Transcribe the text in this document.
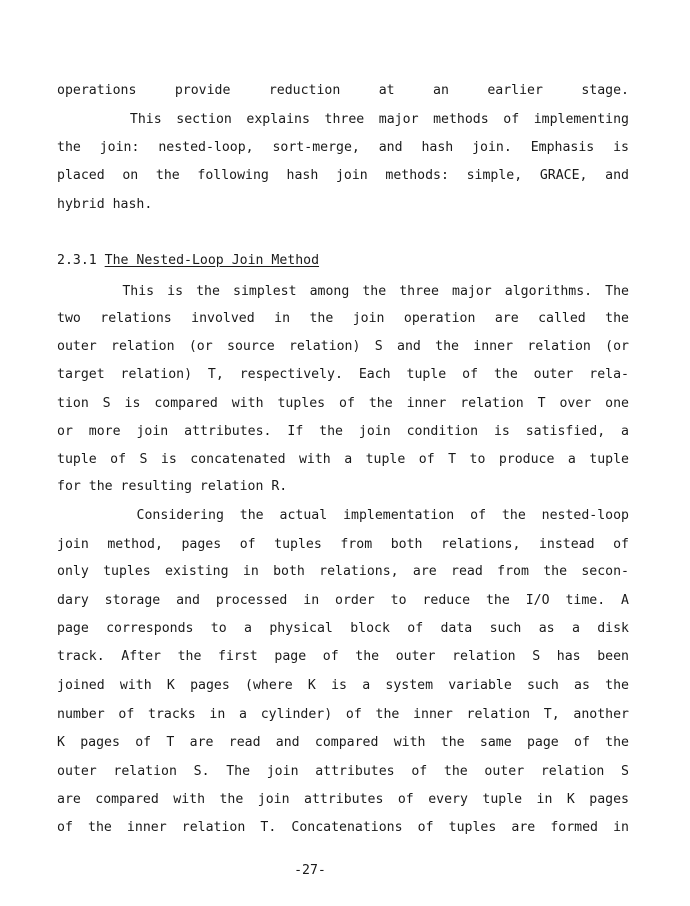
operations provide reduction at an earlier stage.
This section explains three major methods of implementing
the join: nested-loop, sort-merge, and hash join. Emphasis is
placed on the following hash join methods: simple, GRACE, and
hybrid hash.
2.3.1 The Nested-Loop Join Method
This is the simplest among the three major algorithms. The
two relations involved in the join operation are called the
outer relation (or source relation) S and the inner relation (or
target relation) T, respectively. Each tuple of the outer rela-
tion S is compared with tuples of the inner relation T over one
or more join attributes. If the join condition is satisfied, a
tuple of S is concatenated with a tuple of T to produce a tuple
for the resulting relation R.
Considering the actual implementation of the nested-loop
join method, pages of tuples from both relations, instead of
only tuples existing in both relations, are read from the secon-
dary storage and processed in order to reduce the I/O time. A
page corresponds to a physical block of data such as a disk
track. After the first page of the outer relation S has been
joined with K pages (where K is a system variable such as the
number of tracks in a cylinder) of the inner relation T, another
K pages of T are read and compared with the same page of the
outer relation S. The join attributes of the outer relation S
are compared with the join attributes of every tuple in K pages
of the inner relation T. Concatenations of tuples are formed in
-27-
